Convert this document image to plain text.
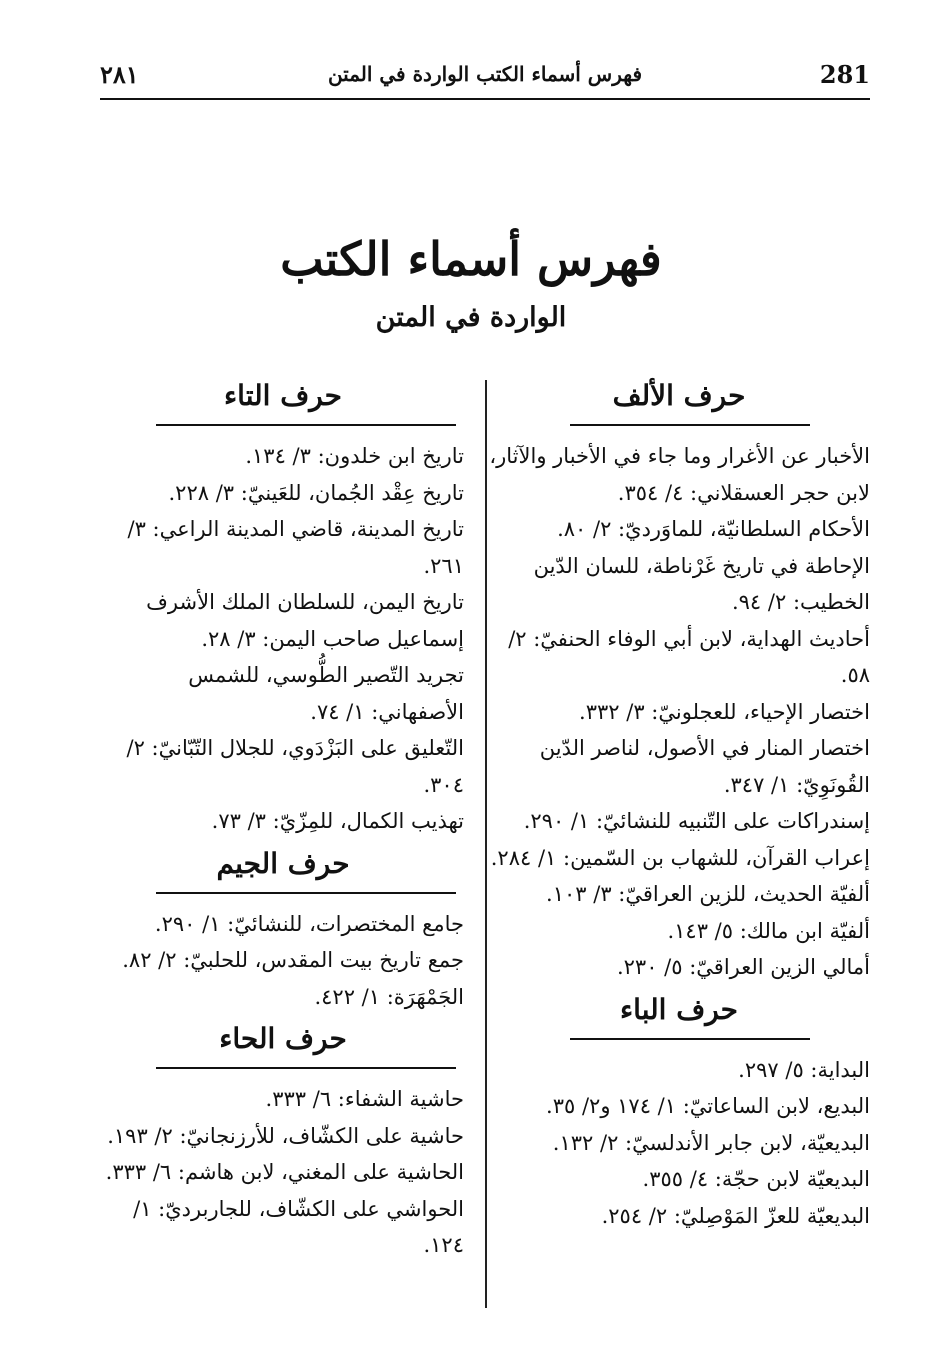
281
فهرس أسماء الكتب الواردة في المتن
٢٨١
فهرس أسماء الكتب
الواردة في المتن
حرف الألف
الأخبار عن الأغرار وما جاء في الأخبار والآثار، لابن حجر العسقلاني: ٤/ ٣٥٤.
الأحكام السلطانيّة، للماوَرديّ: ٢/ ٨٠.
الإحاطة في تاريخ غَرْناطة، للسان الدّين الخطيب: ٢/ ٩٤.
أحاديث الهداية، لابن أبي الوفاء الحنفيّ: ٢/ ٥٨.
اختصار الإحياء، للعجلونيّ: ٣/ ٣٣٢.
اختصار المنار في الأصول، لناصر الدّين القُونَوِيّ: ١/ ٣٤٧.
إسندراكات على التّنبيه للنشائيّ: ١/ ٢٩٠.
إعراب القرآن، للشهاب بن السّمين: ١/ ٢٨٤.
ألفيّة الحديث، للزين العراقيّ: ٣/ ١٠٣.
ألفيّة ابن مالك: ٥/ ١٤٣.
أمالي الزين العراقيّ: ٥/ ٢٣٠.
حرف الباء
البداية: ٥/ ٢٩٧.
البديع، لابن الساعاتيّ: ١/ ١٧٤ و٢/ ٣٥.
البديعيّة، لابن جابر الأندلسيّ: ٢/ ١٣٢.
البديعيّة لابن حجّة: ٤/ ٣٥٥.
البديعيّة للعزّ المَوْصِليّ: ٢/ ٢٥٤.
حرف التاء
تاريخ ابن خلدون: ٣/ ١٣٤.
تاريخ عِقْد الجُمان، للعَينيّ: ٣/ ٢٢٨.
تاريخ المدينة، قاضي المدينة الراعي: ٣/ ٢٦١.
تاريخ اليمن، للسلطان الملك الأشرف إسماعيل صاحب اليمن: ٣/ ٢٨.
تجريد التّصير الطُّوسي، للشمس الأصفهاني: ١/ ٧٤.
التّعليق على البَزْدَوي، للجلال التّبّانيّ: ٢/ ٣٠٤.
تهذيب الكمال، للمِزّيّ: ٣/ ٧٣.
حرف الجيم
جامع المختصرات، للنشائيّ: ١/ ٢٩٠.
جمع تاريخ بيت المقدس، للحلبيّ: ٢/ ٨٢.
الجَمْهَرَة: ١/ ٤٢٢.
حرف الحاء
حاشية الشفاء: ٦/ ٣٣٣.
حاشية على الكشّاف، للأرزنجانيّ: ٢/ ١٩٣.
الحاشية على المغني، لابن هاشم: ٦/ ٣٣٣.
الحواشي على الكشّاف، للجاربرديّ: ١/ ١٢٤.
